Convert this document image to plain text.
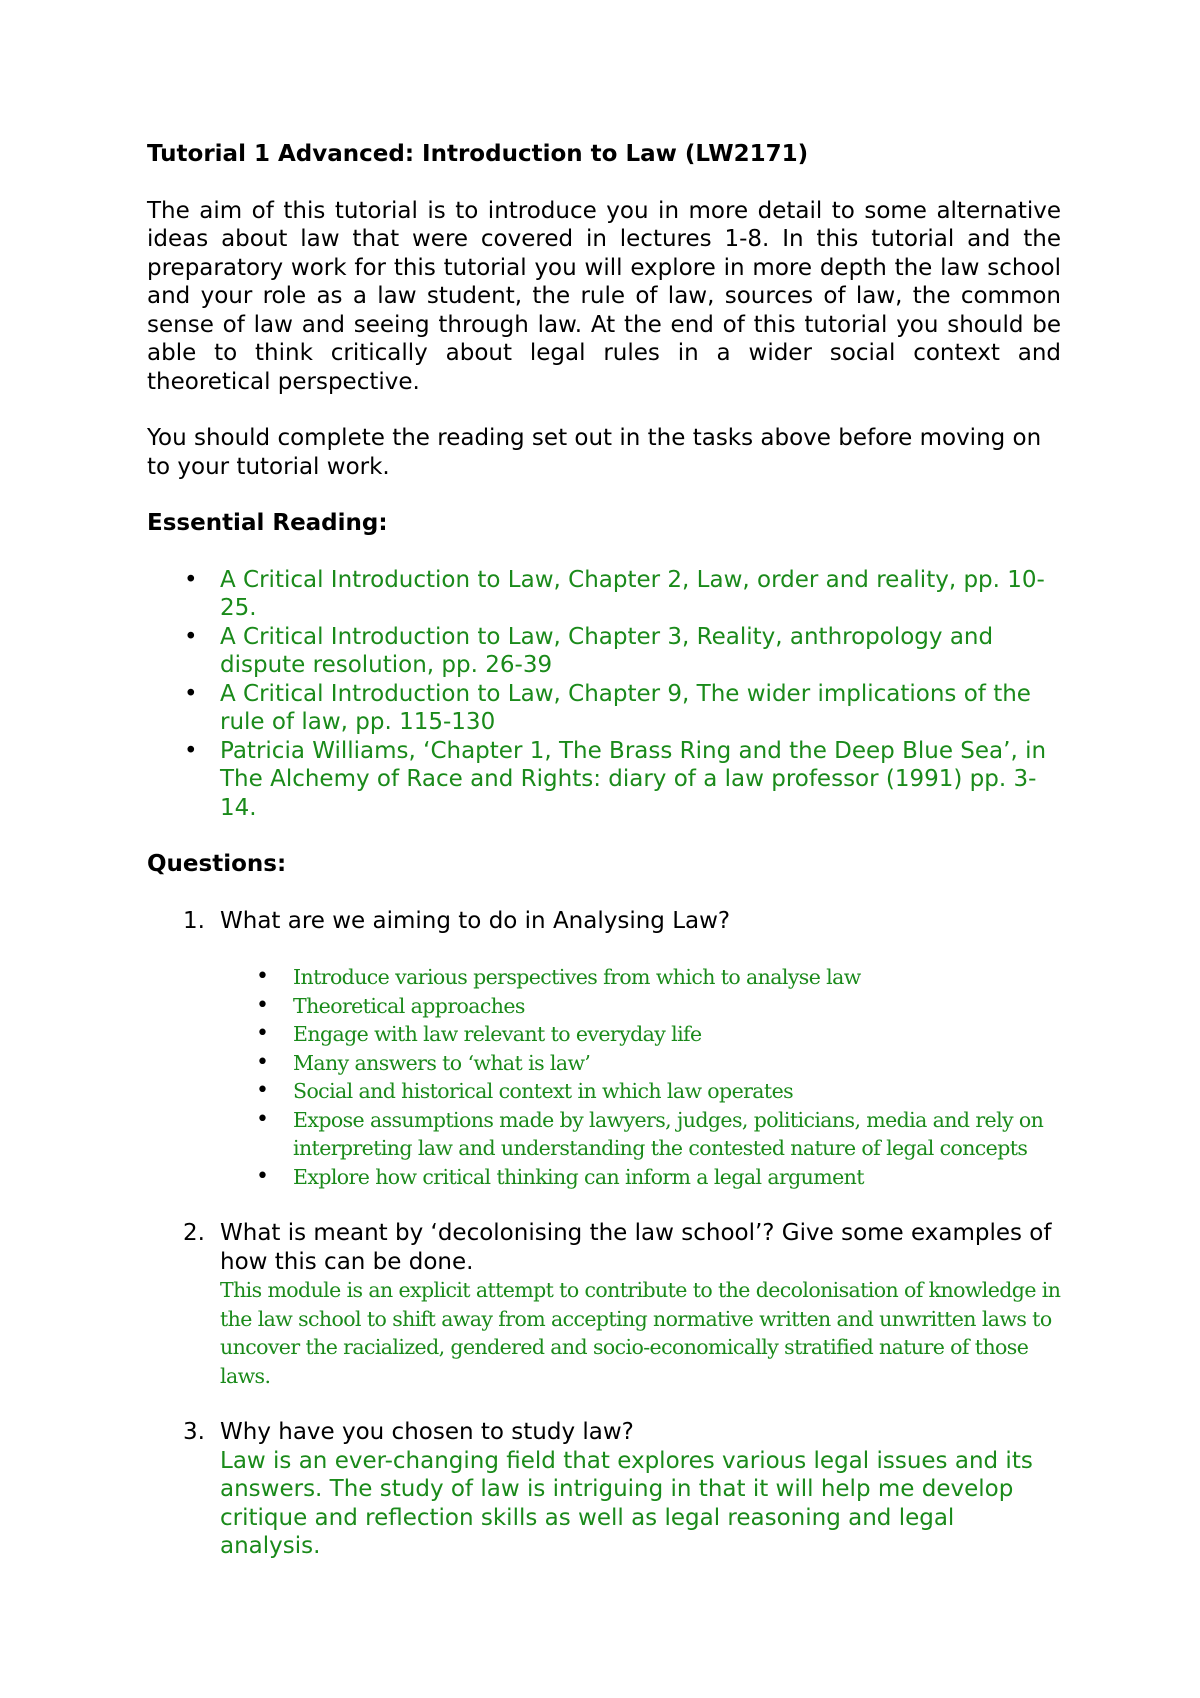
Tutorial 1 Advanced: Introduction to Law (LW2171)
The aim of this tutorial is to introduce you in more detail to some alternative ideas about law that were covered in lectures 1-8. In this tutorial and the preparatory work for this tutorial you will explore in more depth the law school and your role as a law student, the rule of law, sources of law, the common sense of law and seeing through law. At the end of this tutorial you should be able to think critically about legal rules in a wider social context and theoretical perspective.
You should complete the reading set out in the tasks above before moving on to your tutorial work.
Essential Reading:
• A Critical Introduction to Law, Chapter 2, Law, order and reality, pp. 10-25.
• A Critical Introduction to Law, Chapter 3, Reality, anthropology and dispute resolution, pp. 26-39
• A Critical Introduction to Law, Chapter 9, The wider implications of the rule of law, pp. 115-130
• Patricia Williams, ‘Chapter 1, The Brass Ring and the Deep Blue Sea’, in The Alchemy of Race and Rights: diary of a law professor (1991) pp. 3-14.
Questions:
1. What are we aiming to do in Analysing Law?
• Introduce various perspectives from which to analyse law
• Theoretical approaches
• Engage with law relevant to everyday life
• Many answers to ‘what is law’
• Social and historical context in which law operates
• Expose assumptions made by lawyers, judges, politicians, media and rely on interpreting law and understanding the contested nature of legal concepts
• Explore how critical thinking can inform a legal argument
2. What is meant by ‘decolonising the law school’? Give some examples of how this can be done.
This module is an explicit attempt to contribute to the decolonisation of knowledge in the law school to shift away from accepting normative written and unwritten laws to uncover the racialized, gendered and socio-economically stratified nature of those laws.
3. Why have you chosen to study law?
Law is an ever-changing field that explores various legal issues and its answers. The study of law is intriguing in that it will help me develop critique and reflection skills as well as legal reasoning and legal analysis.
